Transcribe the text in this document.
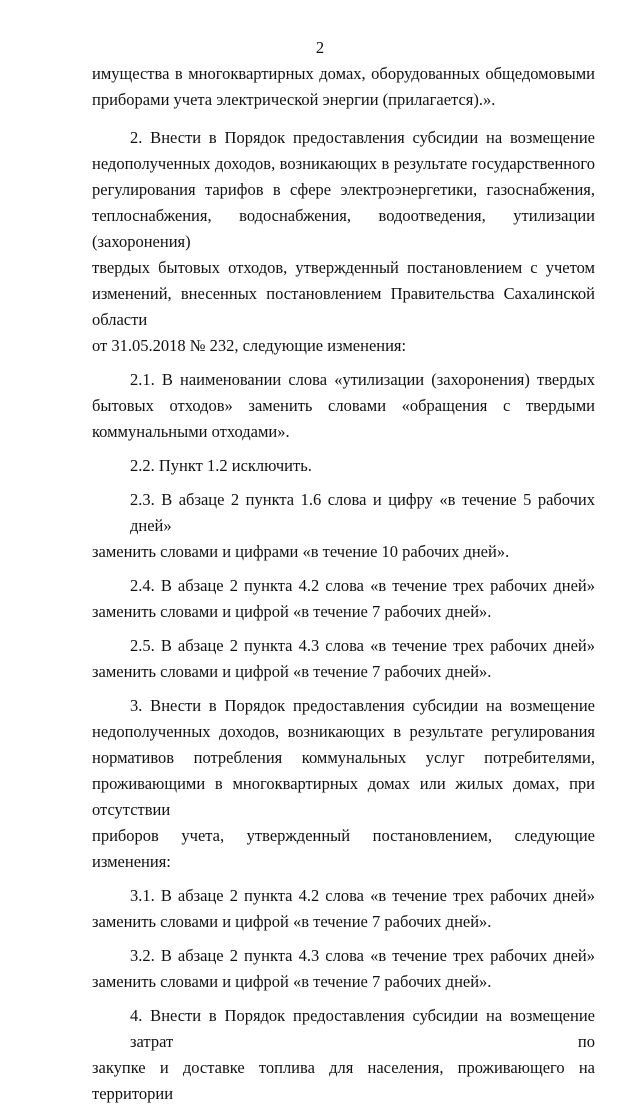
2

имущества в многоквартирных домах, оборудованных общедомовыми
приборами учета электрической энергии (прилагается).».

2. Внести в Порядок предоставления субсидии на возмещение
недополученных доходов, возникающих в результате государственного
регулирования тарифов в сфере электроэнергетики, газоснабжения,
теплоснабжения, водоснабжения, водоотведения, утилизации (захоронения)
твердых бытовых отходов, утвержденный постановлением с учетом
изменений, внесенных постановлением Правительства Сахалинской области
от 31.05.2018 № 232, следующие изменения:

2.1. В наименовании слова «утилизации (захоронения) твердых
бытовых отходов» заменить словами «обращения с твердыми
коммунальными отходами».

2.2. Пункт 1.2 исключить.

2.3. В абзаце 2 пункта 1.6 слова и цифру «в течение 5 рабочих дней»
заменить словами и цифрами «в течение 10 рабочих дней».

2.4. В абзаце 2 пункта 4.2 слова «в течение трех рабочих дней»
заменить словами и цифрой «в течение 7 рабочих дней».

2.5. В абзаце 2 пункта 4.3 слова «в течение трех рабочих дней»
заменить словами и цифрой «в течение 7 рабочих дней».

3. Внести в Порядок предоставления субсидии на возмещение
недополученных доходов, возникающих в результате регулирования
нормативов потребления коммунальных услуг потребителями,
проживающими в многоквартирных домах или жилых домах, при отсутствии
приборов учета, утвержденный постановлением, следующие изменения:

3.1. В абзаце 2 пункта 4.2 слова «в течение трех рабочих дней»
заменить словами и цифрой «в течение 7 рабочих дней».

3.2. В абзаце 2 пункта 4.3 слова «в течение трех рабочих дней»
заменить словами и цифрой «в течение 7 рабочих дней».

4. Внести в Порядок предоставления субсидии на возмещение затрат по
закупке и доставке топлива для населения, проживающего на территории
